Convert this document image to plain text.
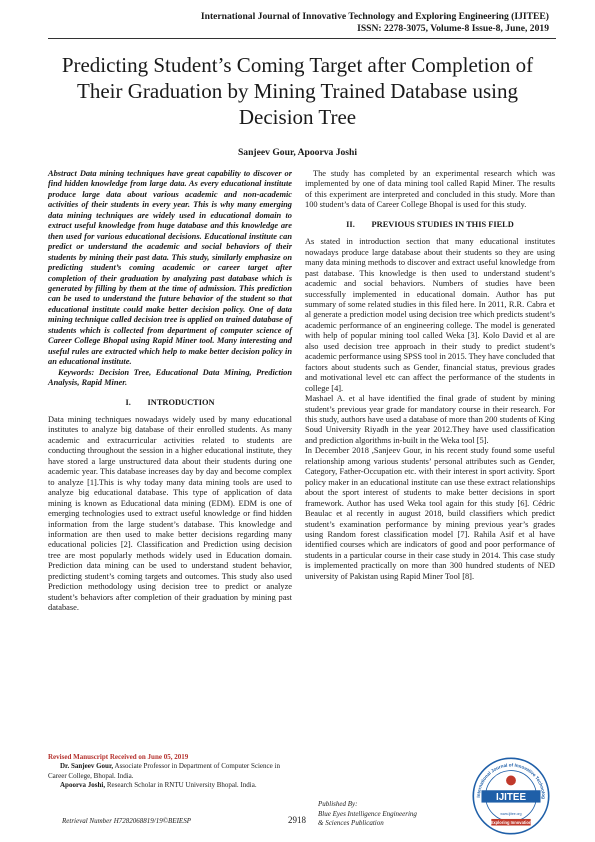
International Journal of Innovative Technology and Exploring Engineering (IJITEE)
ISSN: 2278-3075, Volume-8 Issue-8, June, 2019
Predicting Student’s Coming Target after Completion of Their Graduation by Mining Trained Database using Decision Tree
Sanjeev Gour, Apoorva Joshi

Abstract Data mining techniques have great capability to discover or find hidden knowledge from large data. As every educational institute produce large data about various academic and non-academic activities of their students in every year. This is why many emerging data mining techniques are widely used in educational domain to extract useful knowledge from huge database and this knowledge are then used for various educational decisions. Educational institute can predict or understand the academic and social behaviors of their students by mining their past data. This study, similarly emphasize on predicting student’s coming academic or career target after completion of their graduation by analyzing past database which is generated by filling by them at the time of admission. This prediction can be used to understand the future behavior of the student so that educational institute could make better decision policy. One of data mining technique called decision tree is applied on trained database of students which is collected from department of computer science of Career College Bhopal using Rapid Miner tool. Many interesting and useful rules are extracted which help to make better decision policy in an educational institute.

Keywords: Decision Tree, Educational Data Mining, Prediction Analysis, Rapid Miner.

I.        INTRODUCTION

Data mining techniques nowadays widely used by many educational institutes to analyze big database of their enrolled students. As many academic and extracurricular activities related to students are conducting throughout the session in a higher educational institute, they have stored a large unstructured data about their students during one academic year. This database increases day by day and become complex to analyze [1].This is why today many data mining tools are used to analyze big educational database. This type of application of data mining is known as Educational data mining (EDM). EDM is one of emerging technologies used to extract useful knowledge or find hidden information from the large student’s database. This knowledge and information are then used to make better decisions regarding many educational policies [2]. Classification and Prediction using decision tree are most popularly methods widely used in Education domain. Prediction data mining can be used to understand student behavior, predicting student’s coming targets and outcomes. This study also used Prediction methodology using decision tree to predict or analyze student’s behaviors after completion of their graduation by mining past database.

The study has completed by an experimental research which was implemented by one of data mining tool called Rapid Miner. The results of this experiment are interpreted and concluded in this study. More than 100 student’s data of Career College Bhopal is used for this study.

II.        PREVIOUS STUDIES IN THIS FIELD

As stated in introduction section that many educational institutes nowadays produce large database about their students so they are using many data mining methods to discover and extract useful knowledge from past database. This knowledge is then used to understand student’s academic and social behaviors. Numbers of studies have been successfully implemented in educational domain. Author has put summary of some related studies in this filed here. In 2011, R.R. Cabra et al generate a prediction model using decision tree which predicts student’s academic performance of an engineering college. The model is generated with help of popular mining tool called Weka [3]. Kolo David et al are also used decision tree approach in their study to predict student’s academic performance using SPSS tool in 2015. They have concluded that factors about students such as Gender, financial status, previous grades and motivational level etc can affect the performance of the students in college [4].

Mashael A. et al have identified the final grade of student by mining student’s previous year grade for mandatory course in their research. For this study, authors have used a database of more than 200 students of King Soud University Riyadh in the year 2012.They have used classification and prediction algorithms in-built in the Weka tool [5].

In December 2018 ,Sanjeev Gour, in his recent study found some useful relationship among various students’ personal attributes such as Gender, Category, Father-Occupation etc. with their interest in sport activity. Sport policy maker in an educational institute can use these extract relationships about the sport interest of students to make better decisions in sport framework. Author has used Weka tool again for this study [6]. Cédric Beaulac et al recently in august 2018, build classifiers which predict student’s examination performance by mining previous year’s grades using Random forest classification model [7]. Rahila Asif et al have identified courses which are indicators of good and poor performance of students in a particular course in their case study in 2014. This case study is implemented practically on more than 300 hundred students of NED university of Pakistan using Rapid Miner Tool [8].

Revised Manuscript Received on June 05, 2019
Dr. Sanjeev Gour, Associate Professor in Department of Computer Science in Career College, Bhopal. India.
Apoorva Joshi, Research Scholar in RNTU University Bhopal. India.
Retrieval Number H7282068819/19©BEIESP	2918
Published By:
Blue Eyes Intelligence Engineering
& Sciences Publication
International Journal of Innovative Technolog
IJITEE
Exploring Innovation
www.ijitee.org
